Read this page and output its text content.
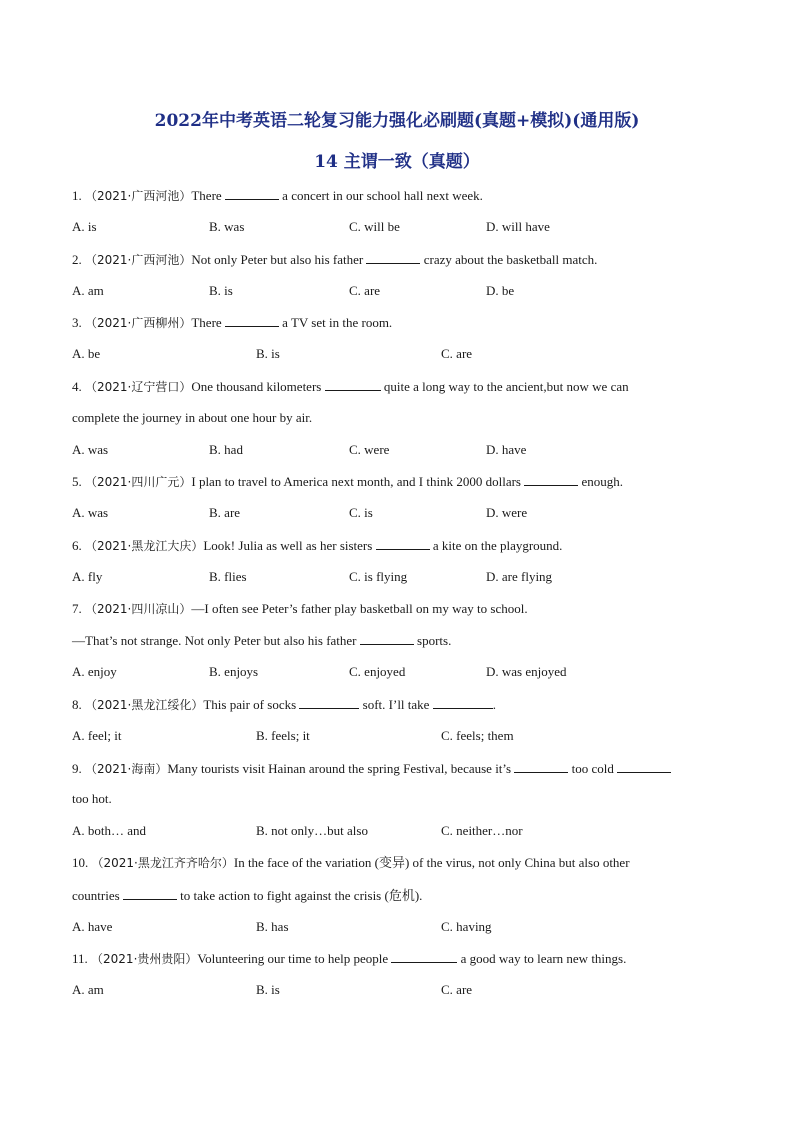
2022年中考英语二轮复习能力强化必刷题(真题+模拟)(通用版)
14 主谓一致（真题）
1. （2021·广西河池）There	a concert in our school hall next week.
A. is	B. was	C. will be	D. will have
2. （2021·广西河池）Not only Peter but also his father	crazy about the basketball match.
A. am	B. is	C. are	D. be
3. （2021·广西柳州）There	a TV set in the room.
A. be	B. is	C. are
4. （2021·辽宁营口）One thousand kilometers	quite a long way to the ancient,but now we can
complete the journey in about one hour by air.
A. was	B. had	C. were	D. have
5. （2021·四川广元）I plan to travel to America next month, and I think 2000 dollars	enough.
A. was	B. are	C. is	D. were
6. （2021·黑龙江大庆）Look! Julia as well as her sisters	a kite on the playground.
A. fly	B. flies	C. is flying	D. are flying
7. （2021·四川凉山）—I often see Peter’s father play basketball on my way to school.
—That’s not strange. Not only Peter but also his father	sports.
A. enjoy	B. enjoys	C. enjoyed	D. was enjoyed
8. （2021·黑龙江绥化）This pair of socks	soft. I’ll take	.
A. feel; it	B. feels; it	C. feels; them
9. （2021·海南）Many tourists visit Hainan around the spring Festival, because it’s	too cold
too hot.
A. both… and	B. not only…but also	C. neither…nor
10. （2021·黑龙江齐齐哈尔）In the face of the variation (变异) of the virus, not only China but also other
countries	to take action to fight against the crisis (危机).
A. have	B. has	C. having
11. （2021·贵州贵阳）Volunteering our time to help people	a good way to learn new things.
A. am	B. is	C. are
